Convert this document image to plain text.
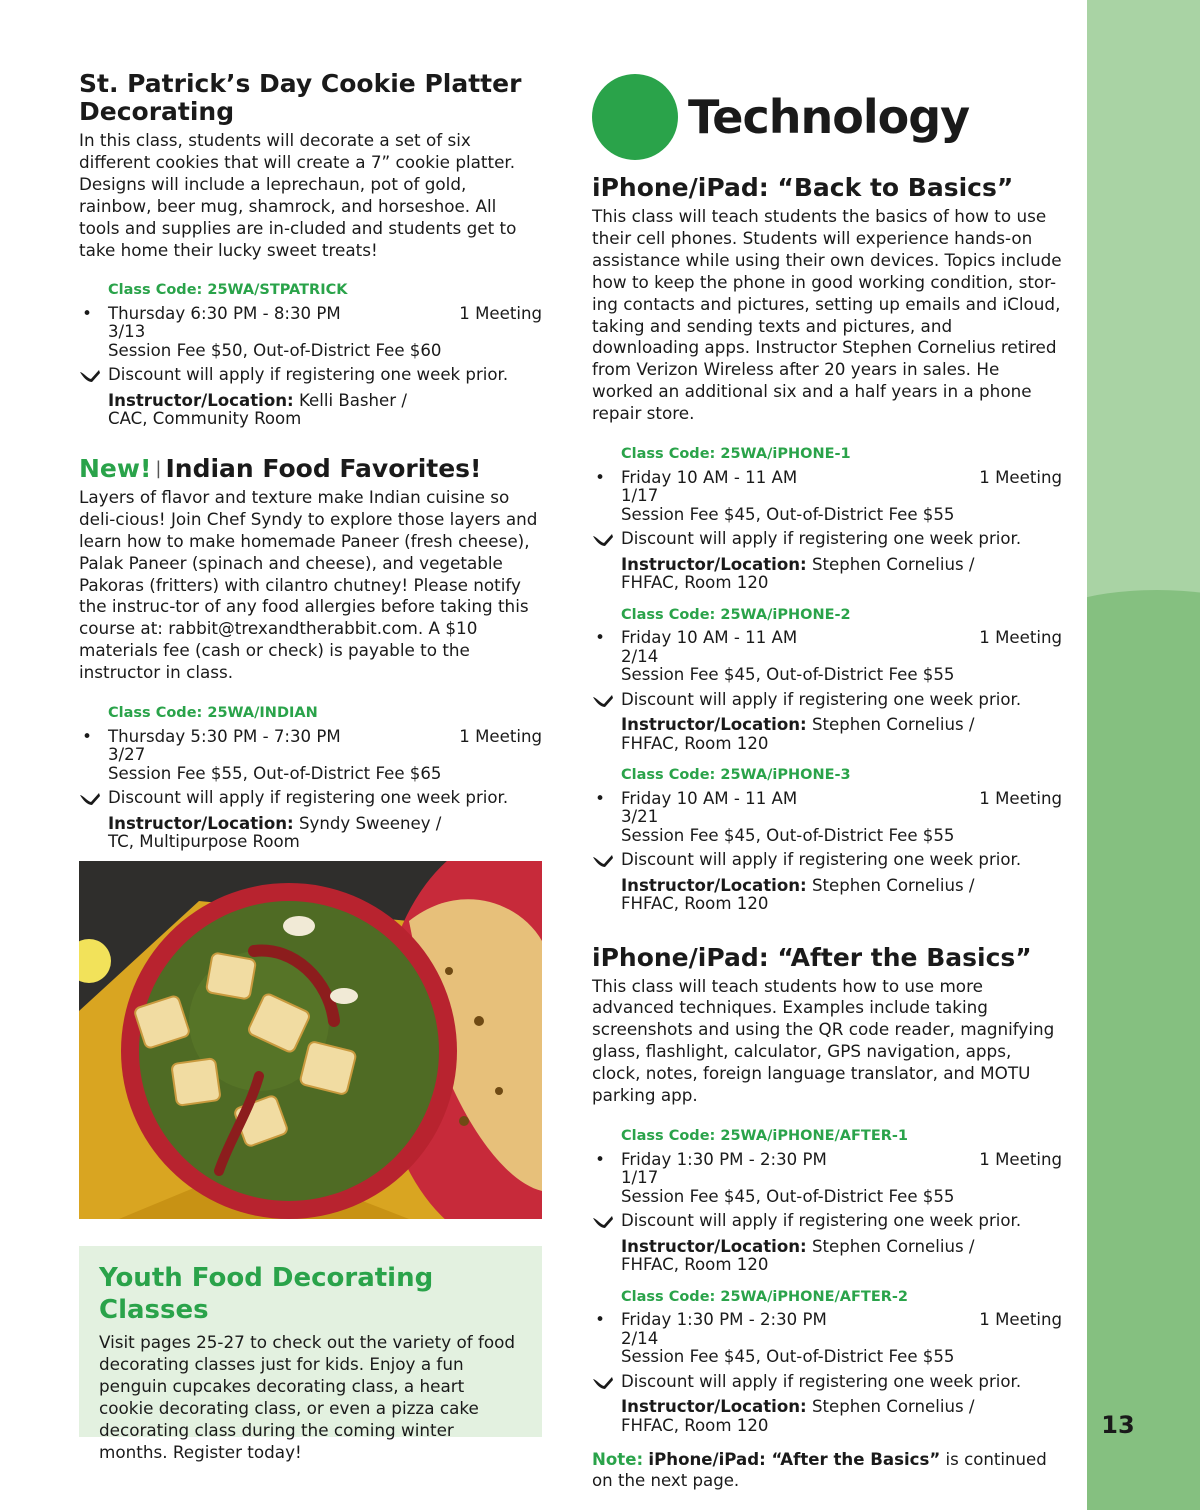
13
St. Patrick’s Day Cookie Platter Decorating

In this class, students will decorate a set of six different cookies that will create a 7” cookie platter. Designs will include a leprechaun, pot of gold, rainbow, beer mug, shamrock, and horseshoe. All tools and supplies are in-cluded and students get to take home their lucky sweet treats!

Class Code: 25WA/STPATRICK
• Thursday 6:30 PM - 8:30 PM	1 Meeting
3/13
Session Fee $50, Out-of-District Fee $60
Discount will apply if registering one week prior.
Instructor/Location: Kelli Basher /
CAC, Community Room
New! | Indian Food Favorites!

Layers of flavor and texture make Indian cuisine so deli-cious! Join Chef Syndy to explore those layers and learn how to make homemade Paneer (fresh cheese), Palak Paneer (spinach and cheese), and vegetable Pakoras (fritters) with cilantro chutney! Please notify the instruc-tor of any food allergies before taking this course at: rabbit@trexandtherabbit.com. A $10 materials fee (cash or check) is payable to the instructor in class.

Class Code: 25WA/INDIAN
• Thursday 5:30 PM - 7:30 PM	1 Meeting
3/27
Session Fee $55, Out-of-District Fee $65
Discount will apply if registering one week prior.
Instructor/Location: Syndy Sweeney /
TC, Multipurpose Room
Youth Food Decorating Classes

Visit pages 25-27 to check out the variety of food decorating classes just for kids. Enjoy a fun penguin cupcakes decorating class, a heart cookie decorating class, or even a pizza cake decorating class during the coming winter months. Register today!

Technology
iPhone/iPad: “Back to Basics”

This class will teach students the basics of how to use their cell phones. Students will experience hands-on assistance while using their own devices. Topics include how to keep the phone in good working condition, stor-ing contacts and pictures, setting up emails and iCloud, taking and sending texts and pictures, and downloading apps. Instructor Stephen Cornelius retired from Verizon Wireless after 20 years in sales. He worked an additional six and a half years in a phone repair store.

Class Code: 25WA/iPHONE-1
• Friday 10 AM - 11 AM	1 Meeting
1/17
Session Fee $45, Out-of-District Fee $55
Discount will apply if registering one week prior.
Instructor/Location: Stephen Cornelius /
FHFAC, Room 120
Class Code: 25WA/iPHONE-2
• Friday 10 AM - 11 AM	1 Meeting
2/14
Session Fee $45, Out-of-District Fee $55
Discount will apply if registering one week prior.
Instructor/Location: Stephen Cornelius /
FHFAC, Room 120
Class Code: 25WA/iPHONE-3
• Friday 10 AM - 11 AM	1 Meeting
3/21
Session Fee $45, Out-of-District Fee $55
Discount will apply if registering one week prior.
Instructor/Location: Stephen Cornelius /
FHFAC, Room 120
iPhone/iPad: “After the Basics”

This class will teach students how to use more advanced techniques. Examples include taking screenshots and using the QR code reader, magnifying glass, flashlight, calculator, GPS navigation, apps, clock, notes, foreign language translator, and MOTU parking app.

Class Code: 25WA/iPHONE/AFTER-1
• Friday 1:30 PM - 2:30 PM	1 Meeting
1/17
Session Fee $45, Out-of-District Fee $55
Discount will apply if registering one week prior.
Instructor/Location: Stephen Cornelius /
FHFAC, Room 120
Class Code: 25WA/iPHONE/AFTER-2
• Friday 1:30 PM - 2:30 PM	1 Meeting
2/14
Session Fee $45, Out-of-District Fee $55
Discount will apply if registering one week prior.
Instructor/Location: Stephen Cornelius /
FHFAC, Room 120

Note: iPhone/iPad: “After the Basics” is continued on the next page.
